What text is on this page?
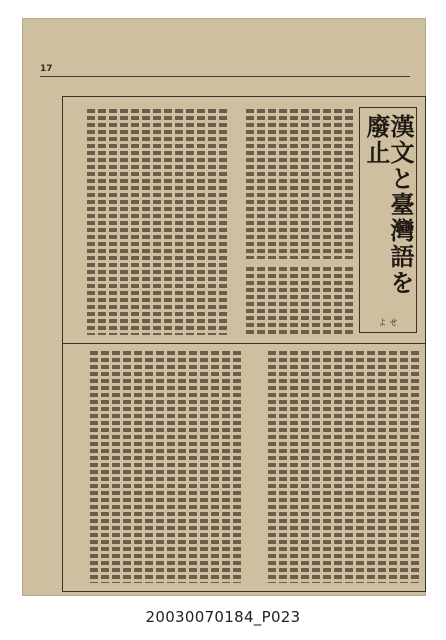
17
漢文と臺灣語を廢止
せよ
20030070184_P023
